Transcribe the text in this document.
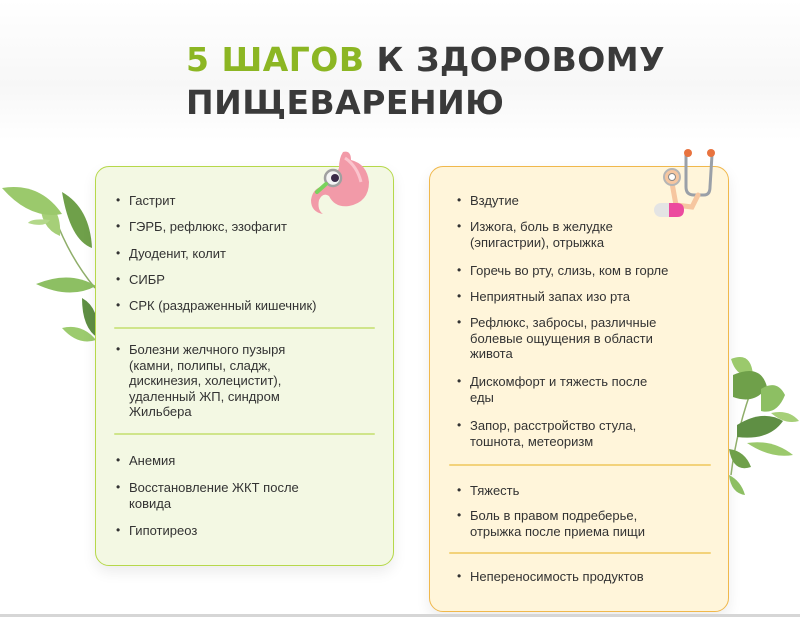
5 ШАГОВ К ЗДОРОВОМУ
ПИЩЕВАРЕНИЮ
• Гастрит
• ГЭРБ, рефлюкс, эзофагит
• Дуоденит, колит
• СИБР
• СРК (раздраженный кишечник)
• Болезни желчного пузыря
(камни, полипы, сладж,
дискинезия, холецистит),
удаленный ЖП, синдром
Жильбера
• Анемия
• Восстановление ЖКТ после
ковида
• Гипотиреоз
• Вздутие
• Изжога, боль в желудке
(эпигастрии), отрыжка
• Горечь во рту, слизь, ком в горле
• Неприятный запах изо рта
• Рефлюкс, забросы, различные
болевые ощущения в области
живота
• Дискомфорт и тяжесть после
еды
• Запор, расстройство стула,
тошнота, метеоризм
• Тяжесть
• Боль в правом подреберье,
отрыжка после приема пищи
• Непереносимость продуктов
